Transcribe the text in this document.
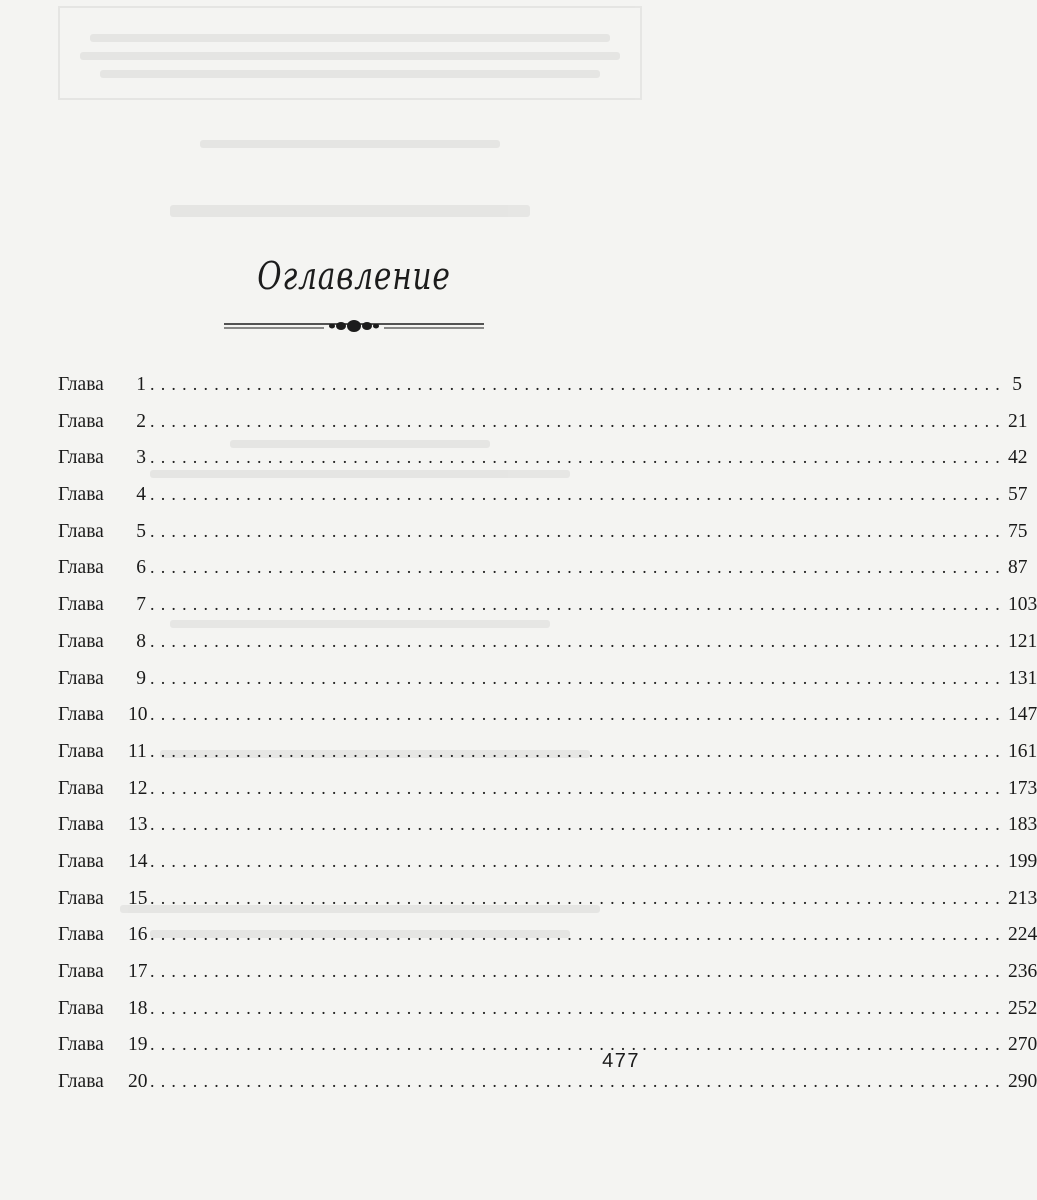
Оглавление
Глава	1 ................................................................................ 5
Глава	2 ................................................................................ 21
Глава	3 ................................................................................ 42
Глава	4 ................................................................................ 57
Глава	5 ................................................................................ 75
Глава	6 ................................................................................ 87
Глава	7 ................................................................................ 103
Глава	8 ................................................................................ 121
Глава	9 ................................................................................ 131
Глава	10 ................................................................................ 147
Глава	11 ................................................................................ 161
Глава	12 ................................................................................ 173
Глава	13 ................................................................................ 183
Глава	14 ................................................................................ 199
Глава	15 ................................................................................ 213
Глава	16 ................................................................................ 224
Глава	17 ................................................................................ 236
Глава	18 ................................................................................ 252
Глава	19 ................................................................................ 270
Глава	20 ................................................................................ 290
477
